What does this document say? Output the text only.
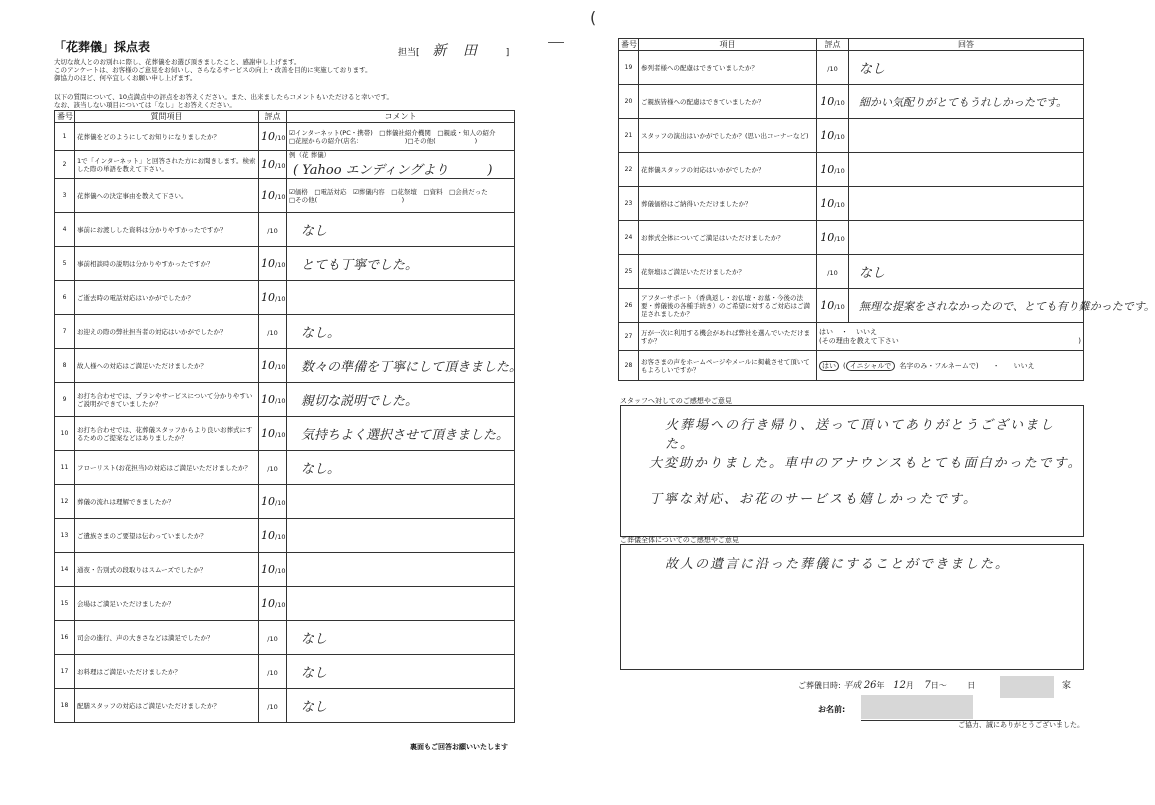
「花葬儀」採点表	担当[ 新 田	]
大切な故人とのお別れに際し、花葬儀をお選び頂きましたこと、感謝申し上げます。
このアンケートは、お客様のご意見をお伺いし、さらなるサービスの向上・改善を目的に実施しております。
御協力のほど、何卒宜しくお願い申し上げます。
以下の質問について、10点満点中の評点をお答えください。また、出来ましたらコメントもいただけると幸いです。
なお、該当しない項目については「なし」とお答えください。
番号	質問項目	評点	コメント
1	花葬儀をどのようにしてお知りになりましたか？	10/10	☑インターネット(PC・携帯)　□葬儀社紹介機関　□親戚・知人の紹介
□花屋からの紹介(店名：　　　　　　　)□その他(　　　　　　)

2	1で「インターネット」と回答された方にお聞きします。検索した際の単語を教えて下さい。	10/10	例（花 葬儀）
( Yahoo エンディングより　　　)
3	花葬儀への決定事由を教えて下さい。	10/10	☑価格　□電話対応　☑葬儀内容　□花祭壇　□資料　□会員だった
□その他(　　　　　　　　　　　　　)

4	事前にお渡しした資料は分かりやすかったですか？	/10	なし
5	事前相談時の説明は分かりやすかったですか？	10/10	とても丁寧でした。
6	ご逝去時の電話対応はいかがでしたか？	10/10	
7	お迎えの際の弊社担当者の対応はいかがでしたか？	/10	なし。
8	故人様への対応はご満足いただけましたか？	10/10	数々の準備を丁寧にして頂きました。
9	お打ち合わせでは、プランやサービスについて分かりやすいご説明ができていましたか？	10/10	親切な説明でした。
10	お打ち合わせでは、花葬儀スタッフからより良いお葬式にするためのご提案などはありましたか？	10/10	気持ちよく選択させて頂きました。
11	フローリスト(お花担当)の対応はご満足いただけましたか？	/10	なし。
12	葬儀の流れは理解できましたか？	10/10	
13	ご遺族さまのご要望は伝わっていましたか？	10/10	
14	通夜・告別式の段取りはスムーズでしたか？	10/10	
15	会場はご満足いただけましたか？	10/10	
16	司会の進行、声の大きさなどは満足でしたか？	/10	なし
17	お料理はご満足いただけましたか？	/10	なし
18	配膳スタッフの対応はご満足いただけましたか？	/10	なし
裏面もご回答お願いいたします
番号	項目	評点	回答
19	参列者様への配慮はできていましたか？	/10	なし
20	ご親族皆様への配慮はできていましたか？	10/10	細かい気配りがとてもうれしかったです。
21	スタッフの演出はいかがでしたか？(思い出コーナーなど)	10/10	
22	花葬儀スタッフの対応はいかがでしたか？	10/10	
23	葬儀価格はご納得いただけましたか？	10/10	
24	お葬式全体についてご満足はいただけましたか？	10/10	
25	花祭壇はご満足いただけましたか？	/10	なし
26	アフターサポート（香典返し・お仏壇・お墓・今後の法要・葬儀後の各種手続き）のご希望に対するご対応はご満足されましたか？	10/10	無理な提案をされなかったので、とても有り難かったです。
27	万が一次に利用する機会があれば弊社を選んでいただけますか？	はい ・ いいえ
(その理由を教えて下さい )	

28	お客さまの声をホームページやメールに掲載させて頂いてもよろしいですか？	はい ( イニシャルで 名字のみ・フルネームで) ・ いいえ	
スタッフへ対してのご感想やご意見
火葬場への行き帰り、送って頂いてありがとうございました。
大変助かりました。車中のアナウンスもとても面白かったです。
丁寧な対応、お花のサービスも嬉しかったです。
ご葬儀全体についてのご感想やご意見
故人の遺言に沿った葬儀にすることができました。
ご葬儀日時: 平成 26年 12月 7日～	日	家
お名前:
ご協力、誠にありがとうございました。
(
